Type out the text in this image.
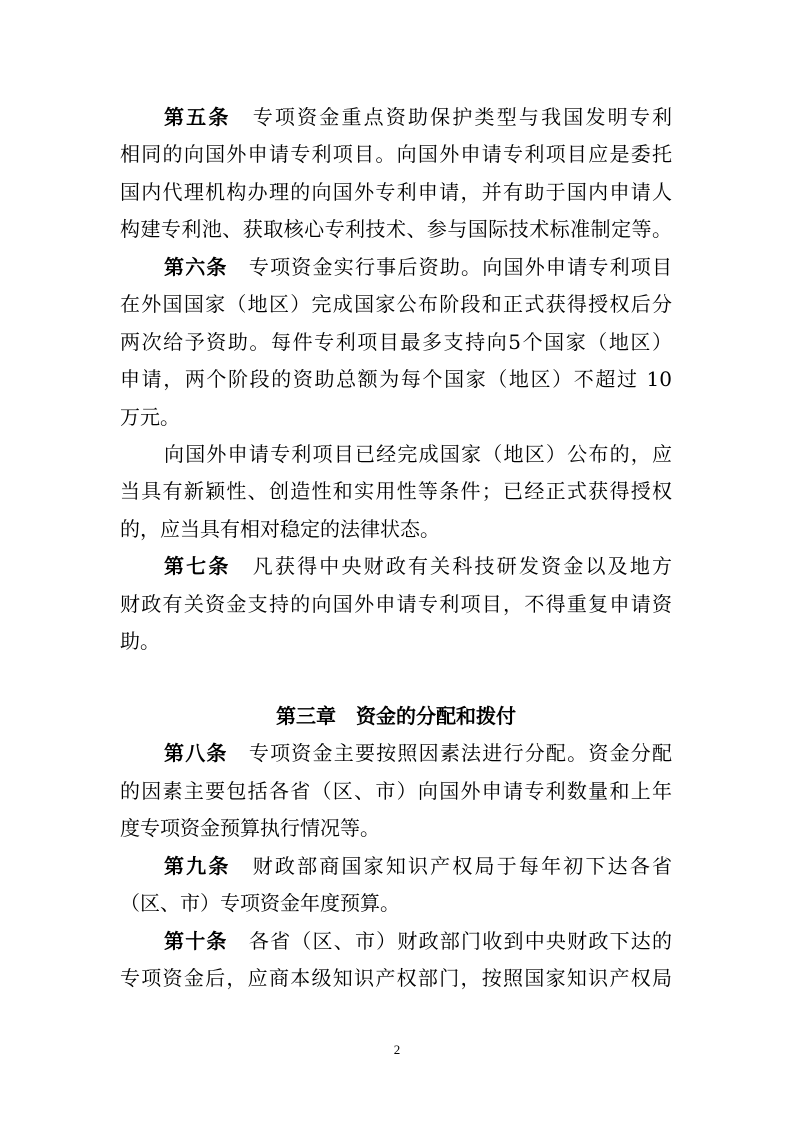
第五条　专项资金重点资助保护类型与我国发明专利
相同的向国外申请专利项目。向国外申请专利项目应是委托
国内代理机构办理的向国外专利申请，并有助于国内申请人
构建专利池、获取核心专利技术、参与国际技术标准制定等。
第六条　专项资金实行事后资助。向国外申请专利项目
在外国国家（地区）完成国家公布阶段和正式获得授权后分
两次给予资助。每件专利项目最多支持向5个国家（地区）
申请，两个阶段的资助总额为每个国家（地区）不超过 10
万元。
向国外申请专利项目已经完成国家（地区）公布的，应
当具有新颖性、创造性和实用性等条件；已经正式获得授权
的，应当具有相对稳定的法律状态。
第七条　凡获得中央财政有关科技研发资金以及地方
财政有关资金支持的向国外申请专利项目，不得重复申请资
助。
第三章　资金的分配和拨付
第八条　专项资金主要按照因素法进行分配。资金分配
的因素主要包括各省（区、市）向国外申请专利数量和上年
度专项资金预算执行情况等。
第九条　财政部商国家知识产权局于每年初下达各省
（区、市）专项资金年度预算。
第十条　各省（区、市）财政部门收到中央财政下达的
专项资金后，应商本级知识产权部门，按照国家知识产权局
2
